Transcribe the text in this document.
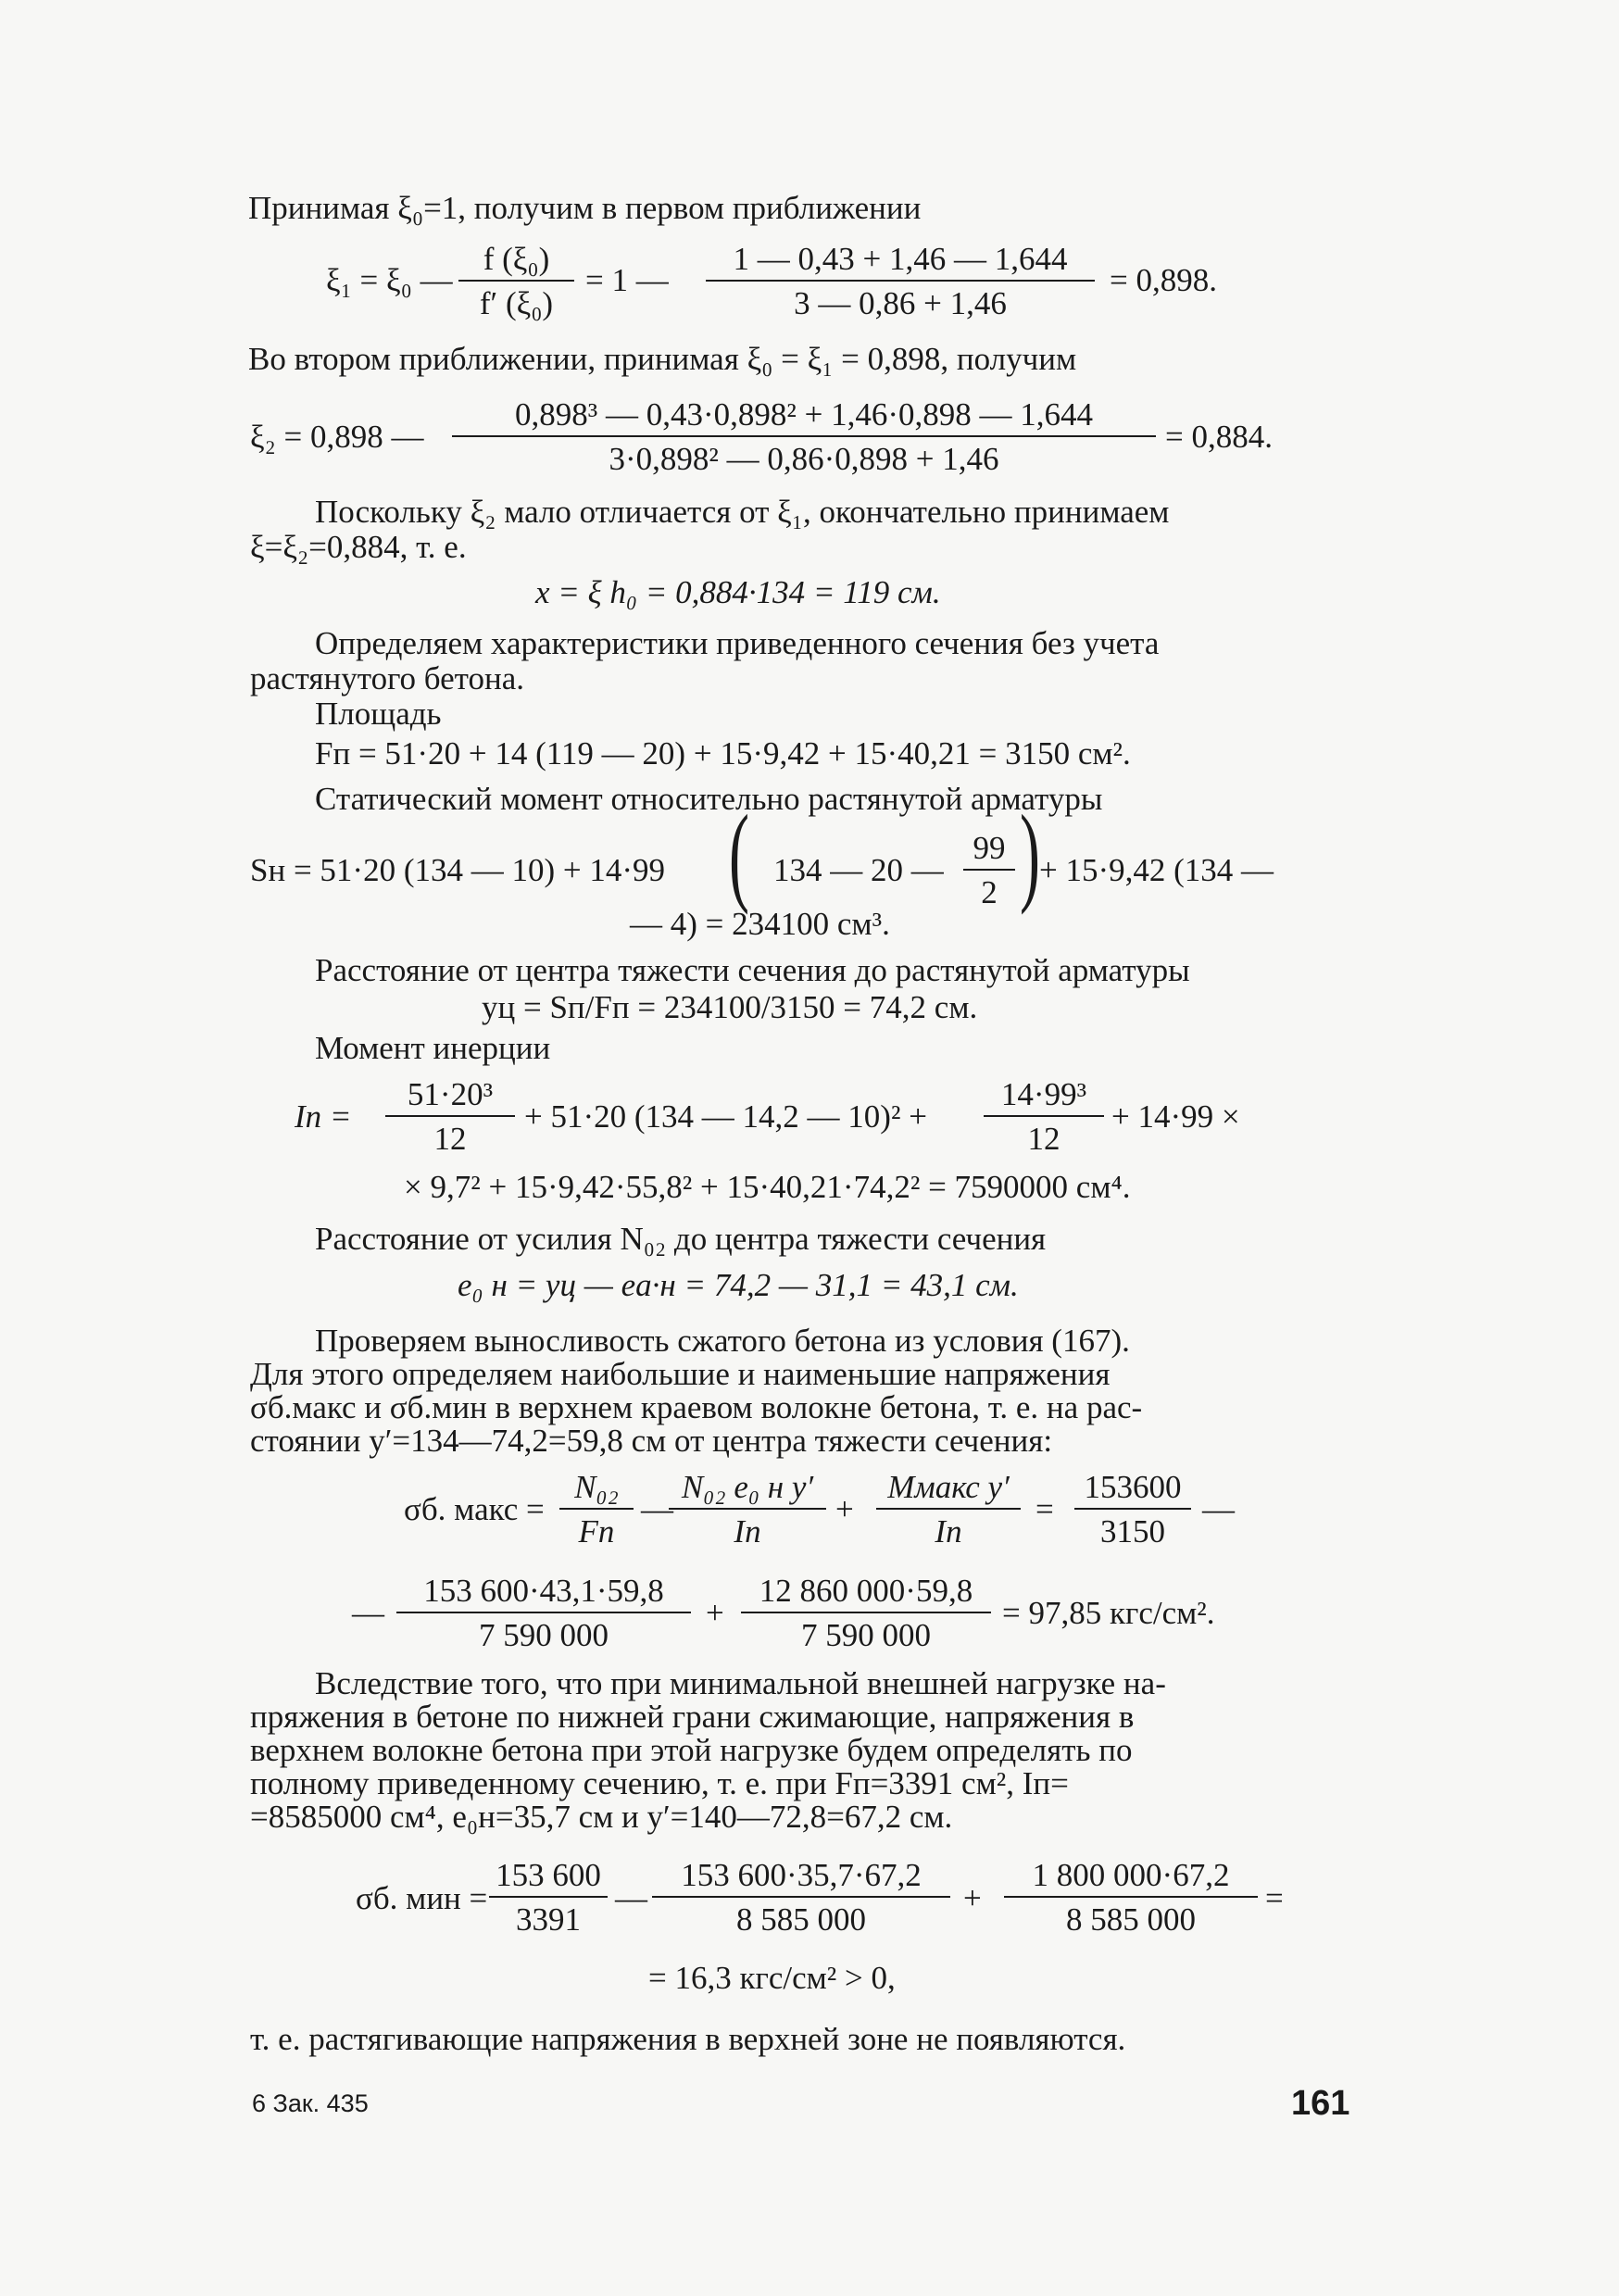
Принимая ξ₀=1, получим в первом приближении
ξ₁ = ξ₀ — $\frac{\text{f (ξ₀)}}{\text{f′ (ξ₀)}} = 1$ — $\frac{1 — 0,43 + 1,46 — 1,644}{3 — 0,86 + 1,46} = 0,898$.
Во втором приближении, принимая ξ₀ = ξ₁ = 0,898, получим
ξ₂ = 0,898 — $\frac{\text{0,898³ — 0,43·0,898² + 1,46·0,898 — 1,644}}{\text{3·0,898² — 0,86·0,898 + 1,46}} = 0,884$.
Поскольку ξ₂ мало отличается от ξ₁, окончательно принимаем
ξ=ξ₂=0,884, т. е.
x = ξ h₀ = 0,884·134 = 119 см.
Определяем характеристики приведенного сечения без учета
растянутого бетона.
Площадь
Fп = 51·20 + 14 (119 — 20) + 15·9,42 + 15·40,21 = 3150 см².
Статический момент относительно растянутой арматуры
Sн = 51·20 (134 — 10) + 14·99 ( 134 — 20 — $\frac{99}{2}$ ) + 15·9,42 (134 —
— 4) = 234100 см³.
Расстояние от центра тяжести сечения до растянутой арматуры
yц = Sп/Fп = 234100/3150 = 74,2 см.
Момент инерции
Iп = $\frac{\text{51·20³}}{12} + 51\cdot 20$ (134 — 14,2 — $10)^2 + \frac{\text{14·99³}}{12} + 14\cdot 99$ ×
× 9,7² + 15·9,42·55,8² + 15·40,21·74,2² = 7590000 см⁴.
Расстояние от усилия N₀₂ до центра тяжести сечения
e₀ н = yц — eа·н = 74,2 — 31,1 = 43,1 см.
Проверяем выносливость сжатого бетона из условия (167).
Для этого определяем наибольшие и наименьшие напряжения
σб.макс и σб.мин в верхнем краевом волокне бетона, т. е. на рас-
стоянии y′=134—74,2=59,8 см от центра тяжести сечения:
σб. макс =
N₀₂
Fп
—
N₀₂ e₀ н y′
Iп
+
Mмакс y′
Iп
= $\frac{153600}{3150}$ —
— $\frac{153 600\cdot 43,1\cdot 59,8}{7 590 000} + \frac{12 860 000\cdot 59,8}{7 590 000} = 97,85$ кгс/см².
Вследствие того, что при минимальной внешней нагрузке на-
пряжения в бетоне по нижней грани сжимающие, напряжения в
верхнем волокне бетона при этой нагрузке будем определять по
полному приведенному сечению, т. е. при Fп=3391 см², Iп=
=8585000 см⁴, e₀н=35,7 см и y′=140—72,8=67,2 см.
σб. мин = $\frac{153 600}{3391}$ — $\frac{153 600\cdot 35,7\cdot 67,2}{8 585 000} + \frac{1 800 000\cdot 67,2}{8 585 000}$ =
= 16,3 кгс/см² > 0,
т. е. растягивающие напряжения в верхней зоне не появляются.
6 Зак. 435	161
